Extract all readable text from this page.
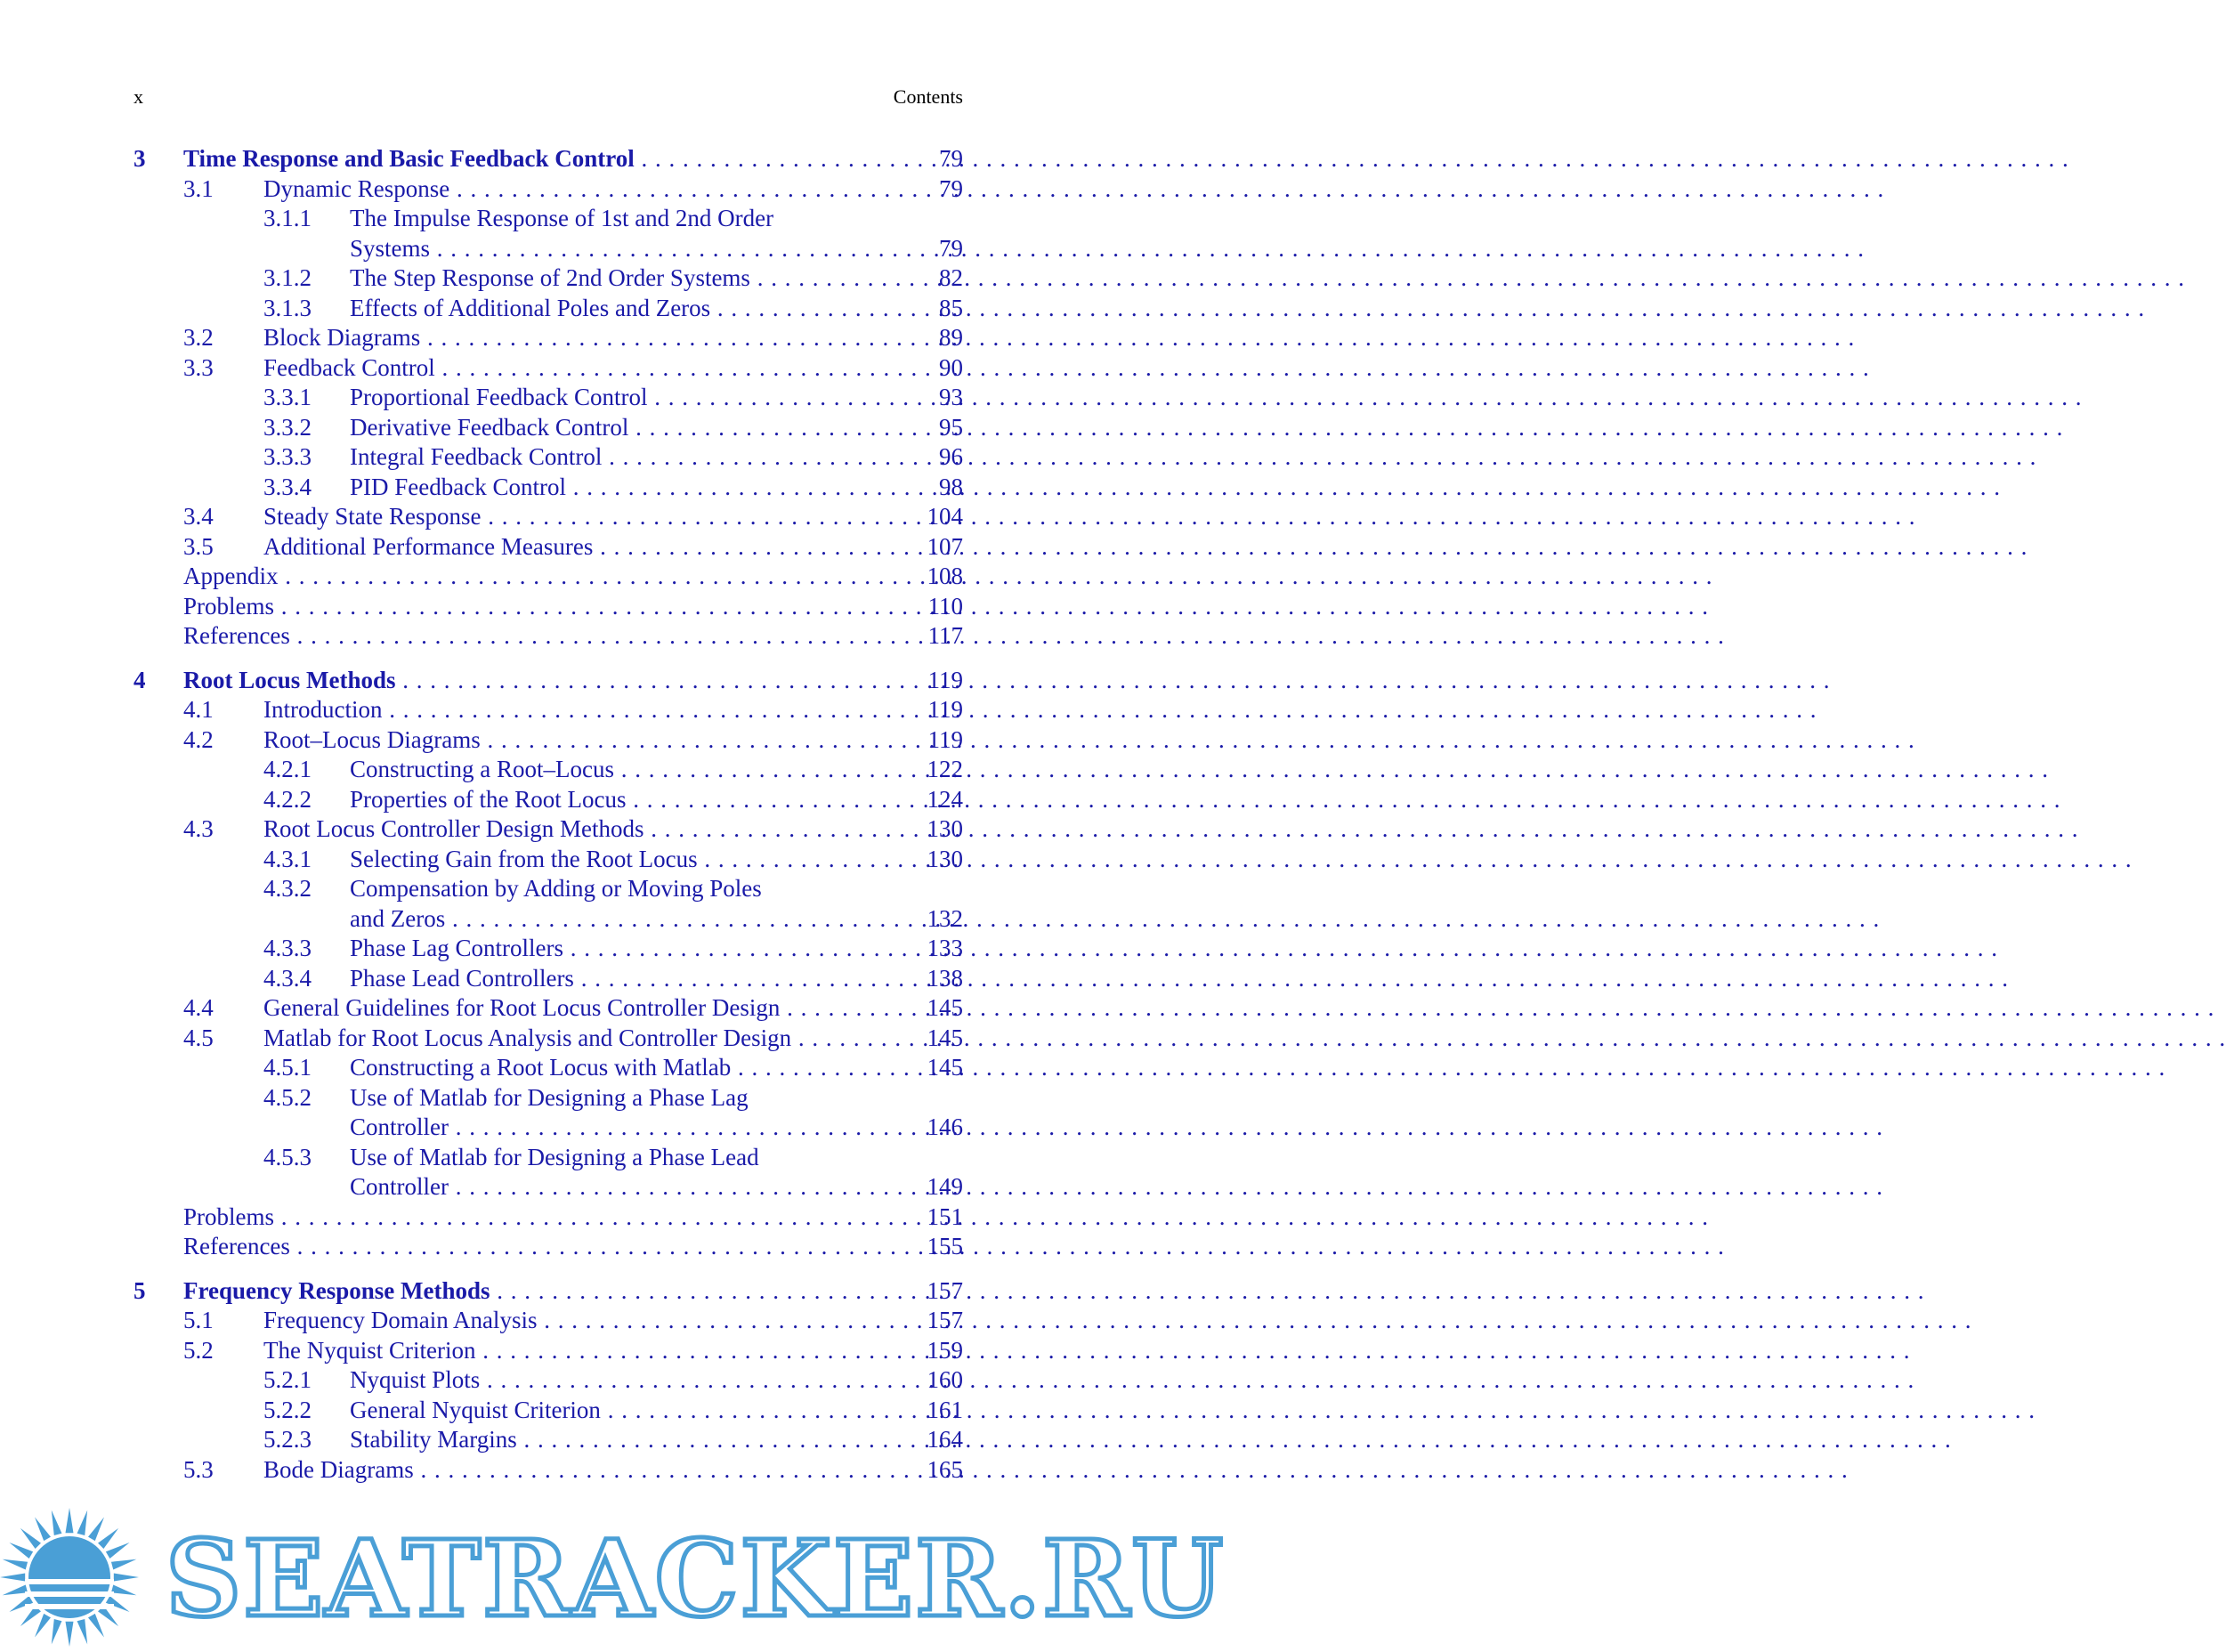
x	Contents
3 Time Response and Basic Feedback Control . . .	79
3.1 Dynamic Response . . .	79
3.1.1 The Impulse Response of 1st and 2nd Order
Systems . . .	79
3.1.2 The Step Response of 2nd Order Systems . . .	82
3.1.3 Effects of Additional Poles and Zeros . . .	85
3.2 Block Diagrams . . .	89
3.3 Feedback Control . . .	90
3.3.1 Proportional Feedback Control . . .	93
3.3.2 Derivative Feedback Control . . .	95
3.3.3 Integral Feedback Control . . .	96
3.3.4 PID Feedback Control . . .	98
3.4 Steady State Response . . .	104
3.5 Additional Performance Measures . . .	107
Appendix . . .	108
Problems . . .	110
References . . .	117
4 Root Locus Methods . . .	119
4.1 Introduction . . .	119
4.2 Root–Locus Diagrams . . .	119
4.2.1 Constructing a Root–Locus . . .	122
4.2.2 Properties of the Root Locus . . .	124
4.3 Root Locus Controller Design Methods . . .	130
4.3.1 Selecting Gain from the Root Locus . . .	130
4.3.2 Compensation by Adding or Moving Poles
and Zeros . . .	132
4.3.3 Phase Lag Controllers . . .	133
4.3.4 Phase Lead Controllers . . .	138
4.4 General Guidelines for Root Locus Controller Design . . .	145
4.5 Matlab for Root Locus Analysis and Controller Design . . .	145
4.5.1 Constructing a Root Locus with Matlab . . .	145
4.5.2 Use of Matlab for Designing a Phase Lag
Controller . . .	146
4.5.3 Use of Matlab for Designing a Phase Lead
Controller . . .	149
Problems . . .	151
References . . .	155
5 Frequency Response Methods . . .	157
5.1 Frequency Domain Analysis . . .	157
5.2 The Nyquist Criterion . . .	159
5.2.1 Nyquist Plots . . .	160
5.2.2 General Nyquist Criterion . . .	161
5.2.3 Stability Margins . . .	164
5.3 Bode Diagrams . . .	165
SEATRACKER.RU
